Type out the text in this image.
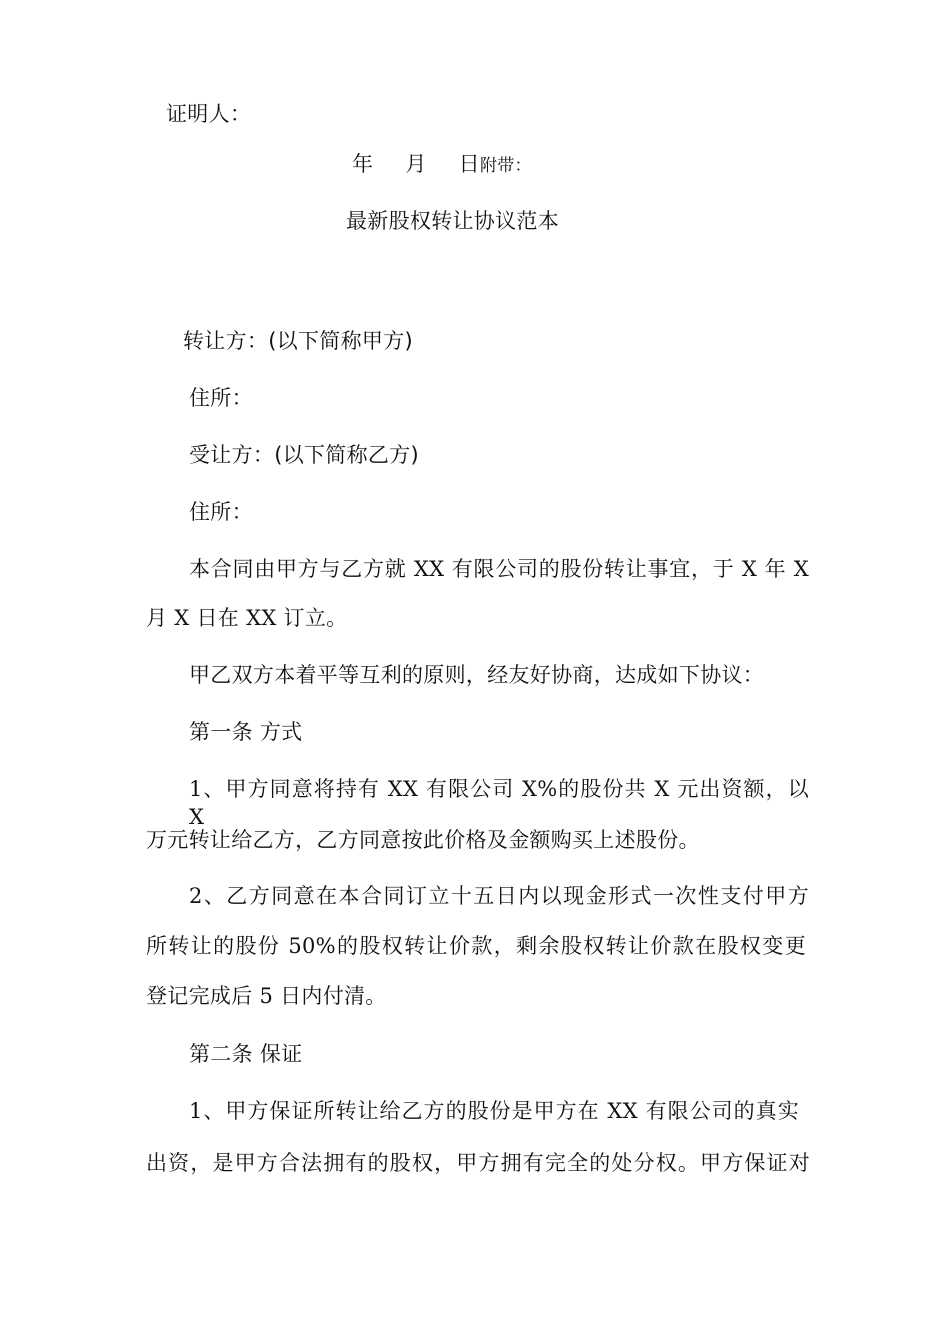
证明人：
年 月 日附带：
最新股权转让协议范本
转让方：(以下简称甲方)
住所：
受让方：(以下简称乙方)
住所：
本合同由甲方与乙方就 XX 有限公司的股份转让事宜，于 X 年 X
月 X 日在 XX 订立。
甲乙双方本着平等互利的原则，经友好协商，达成如下协议：
第一条 方式
1、甲方同意将持有 XX 有限公司 X%的股份共 X 元出资额，以 X
万元转让给乙方，乙方同意按此价格及金额购买上述股份。
2、乙方同意在本合同订立十五日内以现金形式一次性支付甲方
所转让的股份 50%的股权转让价款，剩余股权转让价款在股权变更
登记完成后 5 日内付清。
第二条 保证
1、甲方保证所转让给乙方的股份是甲方在 XX 有限公司的真实
出资，是甲方合法拥有的股权，甲方拥有完全的处分权。甲方保证对
